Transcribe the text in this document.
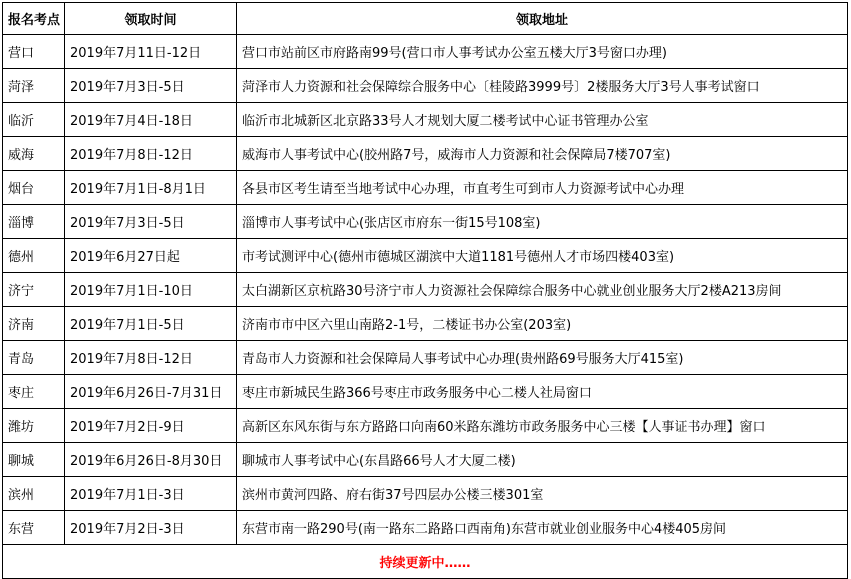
报名考点	领取时间	领取地址
营口	2019年7月11日-12日	营口市站前区市府路南99号(营口市人事考试办公室五楼大厅3号窗口办理)
菏泽	2019年7月3日-5日	菏泽市人力资源和社会保障综合服务中心〔桂陵路3999号〕2楼服务大厅3号人事考试窗口
临沂	2019年7月4日-18日	临沂市北城新区北京路33号人才规划大厦二楼考试中心证书管理办公室
威海	2019年7月8日-12日	威海市人事考试中心(胶州路7号，威海市人力资源和社会保障局7楼707室)
烟台	2019年7月1日-8月1日	各县市区考生请至当地考试中心办理，市直考生可到市人力资源考试中心办理
淄博	2019年7月3日-5日	淄博市人事考试中心(张店区市府东一街15号108室)
德州	2019年6月27日起	市考试测评中心(德州市德城区湖滨中大道1181号德州人才市场四楼403室)
济宁	2019年7月1日-10日	太白湖新区京杭路30号济宁市人力资源社会保障综合服务中心就业创业服务大厅2楼A213房间
济南	2019年7月1日-5日	济南市市中区六里山南路2-1号，二楼证书办公室(203室)
青岛	2019年7月8日-12日	青岛市人力资源和社会保障局人事考试中心办理(贵州路69号服务大厅415室)
枣庄	2019年6月26日-7月31日	枣庄市新城民生路366号枣庄市政务服务中心二楼人社局窗口
潍坊	2019年7月2日-9日	高新区东风东街与东方路路口向南60米路东潍坊市政务服务中心三楼【人事证书办理】窗口
聊城	2019年6月26日-8月30日	聊城市人事考试中心(东昌路66号人才大厦二楼)
滨州	2019年7月1日-3日	滨州市黄河四路、府右街37号四层办公楼三楼301室
东营	2019年7月2日-3日	东营市南一路290号(南一路东二路路口西南角)东营市就业创业服务中心4楼405房间
持续更新中……		
